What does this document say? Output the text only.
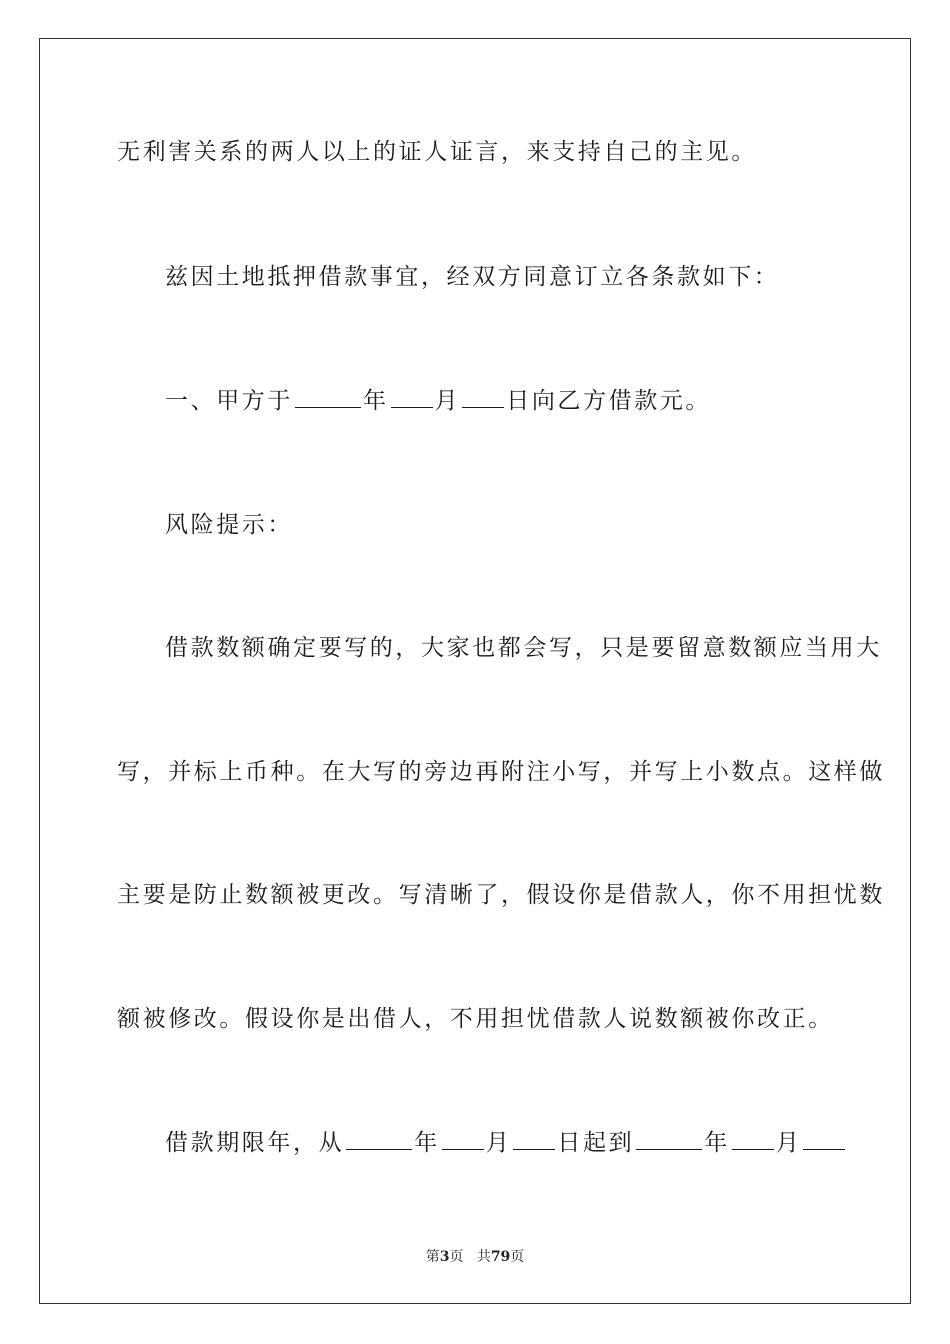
无利害关系的两人以上的证人证言，来支持自己的主见。
兹因土地抵押借款事宜，经双方同意订立各条款如下：
一、甲方于	年 月 日向乙方借款元。
风险提示：
借款数额确定要写的，大家也都会写，只是要留意数额应当用大
写，并标上币种。在大写的旁边再附注小写，并写上小数点。这样做
主要是防止数额被更改。写清晰了，假设你是借款人，你不用担忧数
额被修改。假设你是出借人，不用担忧借款人说数额被你改正。
借款期限年，从	年 月 日起到	年 月
第3页 共79页
